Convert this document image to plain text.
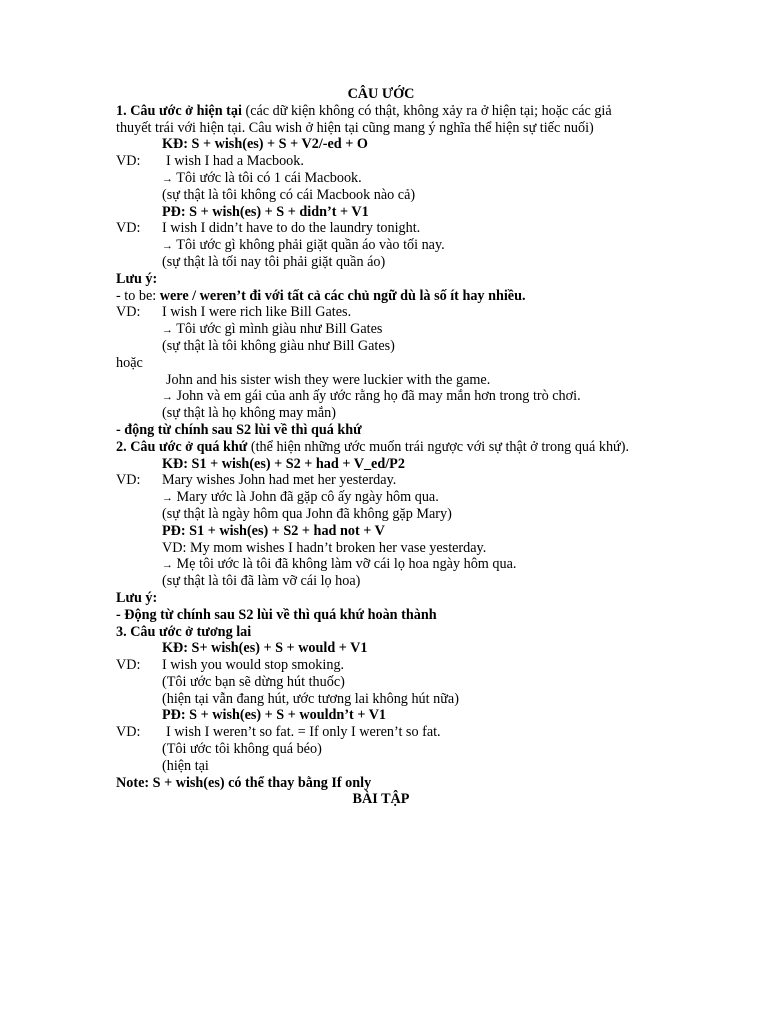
CÂU ƯỚC
1. Câu ước ở hiện tại (các dữ kiện không có thật, không xảy ra ở hiện tại; hoặc các giả thuyết trái với hiện tại. Câu wish ở hiện tại cũng mang ý nghĩa thể hiện sự tiếc nuối)
KĐ: S + wish(es) + S + V2/-ed + O
VD: I wish I had a Macbook.
→ Tôi ước là tôi có 1 cái Macbook.
(sự thật là tôi không có cái Macbook nào cả)
PĐ: S + wish(es) + S + didn’t + V1
VD: I wish I didn’t have to do the laundry tonight.
→ Tôi ước gì không phải giặt quần áo vào tối nay.
(sự thật là tối nay tôi phải giặt quần áo)
Lưu ý:
- to be: were / weren’t đi với tất cả các chủ ngữ dù là số ít hay nhiều.
VD: I wish I were rich like Bill Gates.
→ Tôi ước gì mình giàu như Bill Gates
(sự thật là tôi không giàu như Bill Gates)
hoặc
John and his sister wish they were luckier with the game.
→ John và em gái của anh ấy ước rằng họ đã may mắn hơn trong trò chơi.
(sự thật là họ không may mắn)
- động từ chính sau S2 lùi về thì quá khứ
2. Câu ước ở quá khứ (thể hiện những ước muốn trái ngược với sự thật ở trong quá khứ).
KĐ: S1 + wish(es) + S2 + had + V_ed/P2
VD: Mary wishes John had met her yesterday.
→ Mary ước là John đã gặp cô ấy ngày hôm qua.
(sự thật là ngày hôm qua John đã không gặp Mary)
PĐ: S1 + wish(es) + S2 + had not + V
VD: My mom wishes I hadn’t broken her vase yesterday.
→ Mẹ tôi ước là tôi đã không làm vỡ cái lọ hoa ngày hôm qua.
(sự thật là tôi đã làm vỡ cái lọ hoa)
Lưu ý:
- Động từ chính sau S2 lùi về thì quá khứ hoàn thành
3. Câu ước ở tương lai
KĐ: S+ wish(es) + S + would + V1
VD: I wish you would stop smoking.
(Tôi ước bạn sẽ dừng hút thuốc)
(hiện tại vẫn đang hút, ước tương lai không hút nữa)
PĐ: S + wish(es) + S + wouldn’t + V1
VD: I wish I weren’t so fat. = If only I weren’t so fat.
(Tôi ước tôi không quá béo)
(hiện tại
Note: S + wish(es) có thể thay bằng If only
BÀI TẬP
